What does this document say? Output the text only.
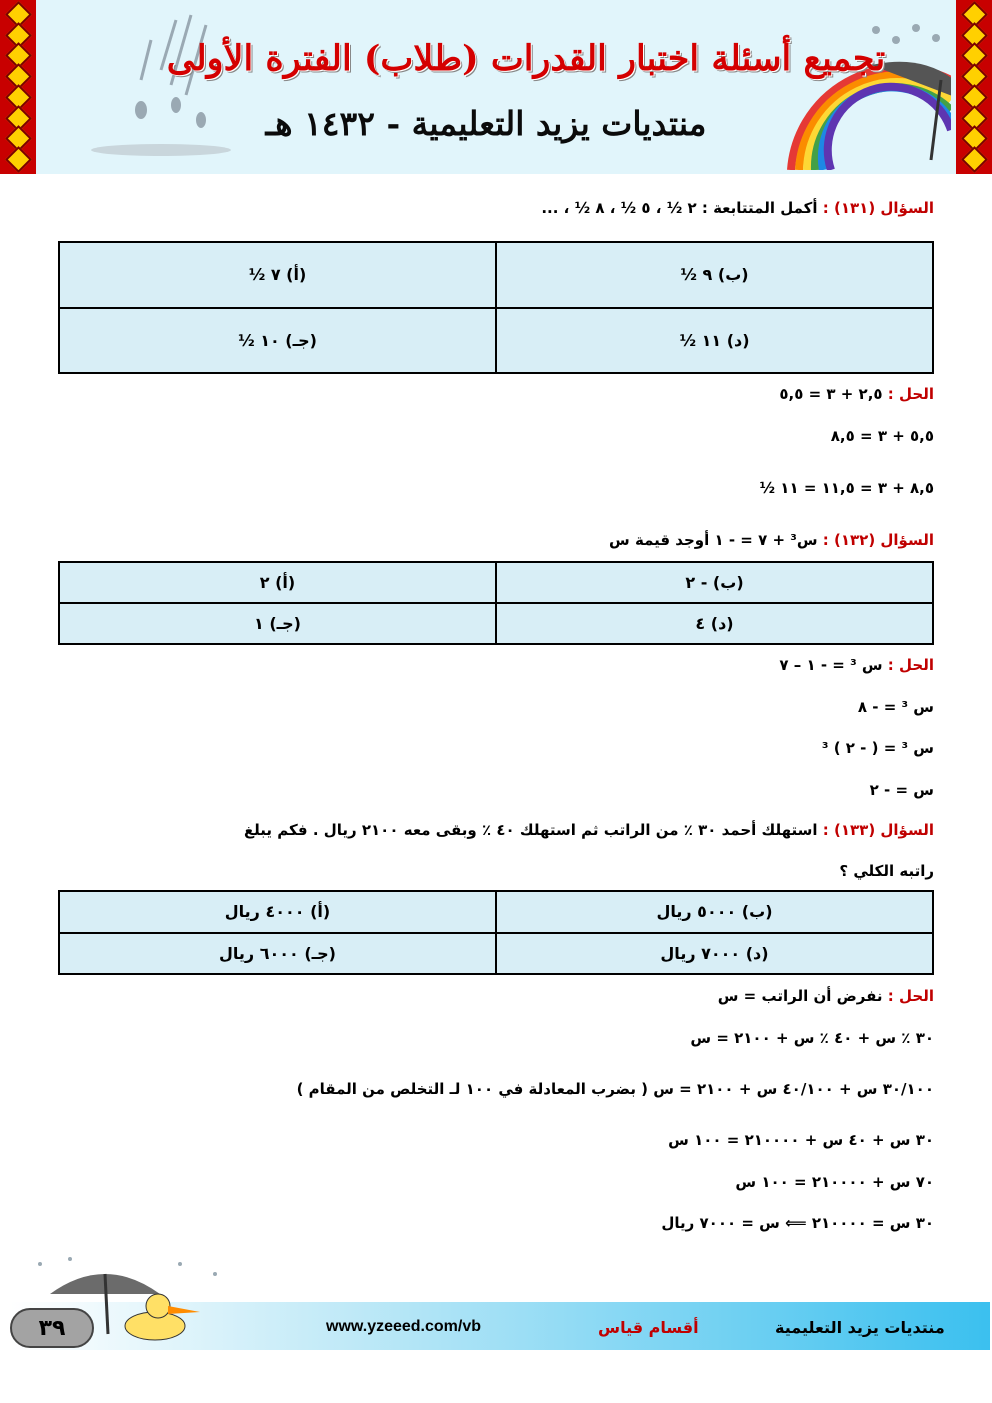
تجميع أسئلة اختبار القدرات (طلاب) الفترة الأولى
منتديات يزيد التعليمية - ١٤٣٢ هـ
السؤال (١٣١) : أكمل المتتابعة : ٢ ½ ، ٥ ½ ، ٨ ½ ، ...
(أ) ٧ ½	(ب) ٩ ½
(جـ) ١٠ ½	(د) ١١ ½
الحل : ٢,٥ + ٣ = ٥,٥
٥,٥ + ٣ = ٨,٥
٨,٥ + ٣ = ١١,٥ = ١١ ½
السؤال (١٣٢) : س³ + ٧ = - ١ أوجد قيمة س
(أ) ٢	(ب) - ٢
(جـ) ١	(د) ٤
الحل : س ³ = - ١ – ٧
س ³ = - ٨
س ³ = ( - ٢ ) ³
س = - ٢
السؤال (١٣٣) : استهلك أحمد ٣٠ ٪ من الراتب ثم استهلك ٤٠ ٪ وبقى معه ٢١٠٠ ريال . فكم يبلغ
راتبه الكلي ؟
(أ) ٤٠٠٠ ريال	(ب) ٥٠٠٠ ريال
(جـ) ٦٠٠٠ ريال	(د) ٧٠٠٠ ريال
الحل : نفرض أن الراتب = س
٣٠ ٪ س + ٤٠ ٪ س + ٢١٠٠ = س
٣٠/١٠٠ س + ٤٠/١٠٠ س + ٢١٠٠ = س ( بضرب المعادلة في ١٠٠ لـ التخلص من المقام )
٣٠ س + ٤٠ س + ٢١٠٠٠٠ = ١٠٠ س
٧٠ س + ٢١٠٠٠٠ = ١٠٠ س
٣٠ س = ٢١٠٠٠٠ ⟸ س = ٧٠٠٠ ريال
٣٩	www.yzeeed.com/vb	أقسام قياس	منتديات يزيد التعليمية
